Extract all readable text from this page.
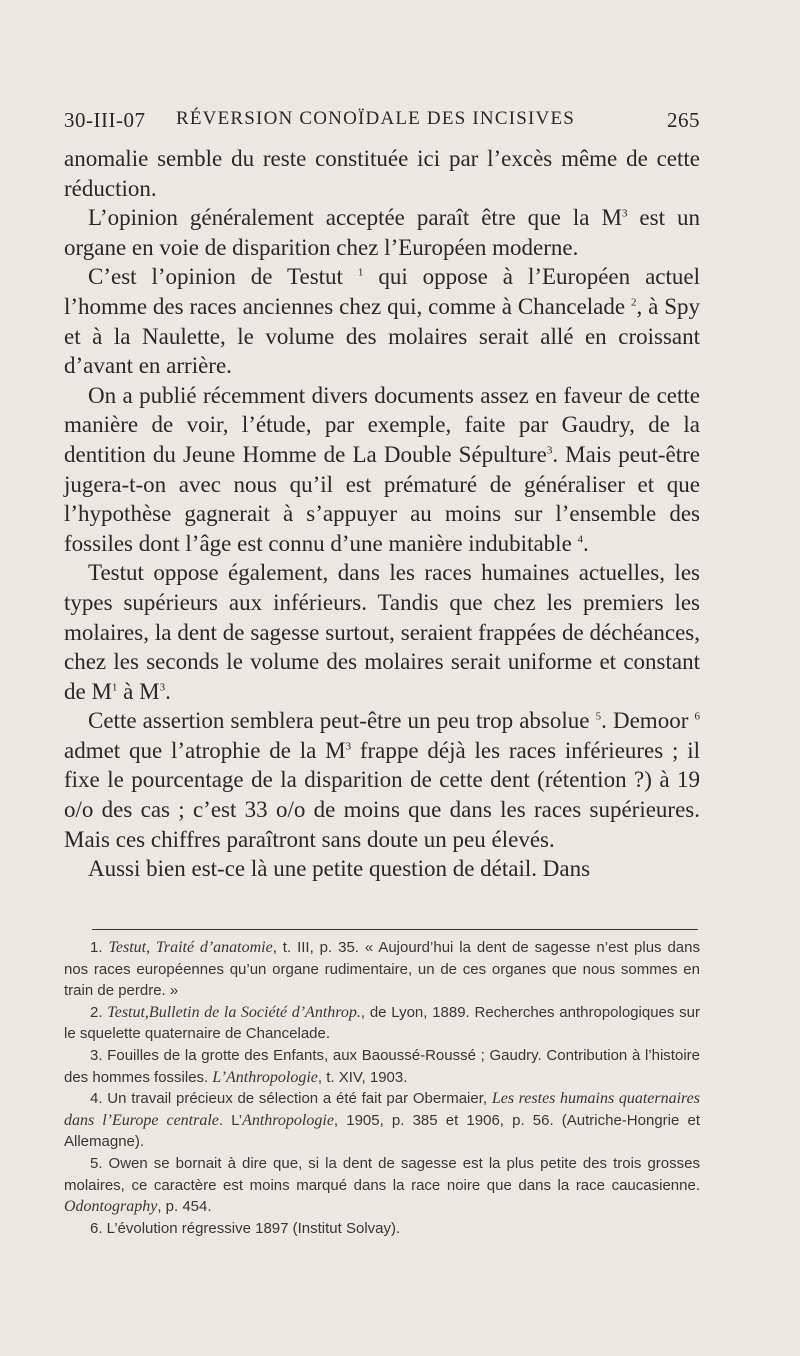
30-III-07 RÉVERSION CONOÏDALE DES INCISIVES	265

anomalie semble du reste constituée ici par l’excès même de cette réduction.

L’opinion généralement acceptée paraît être que la $M^3$ est un organe en voie de disparition chez l’Européen moderne.

C’est l’opinion de Testut $^1$ qui oppose à l’Européen actuel l’homme des races anciennes chez qui, comme à Chancelade $^2$, à Spy et à la Naulette, le volume des molaires serait allé en croissant d’avant en arrière.

On a publié récemment divers documents assez en faveur de cette manière de voir, l’étude, par exemple, faite par Gaudry, de la dentition du Jeune Homme de La Double Sépulture$^3$. Mais peut-être jugera-t-on avec nous qu’il est prématuré de généraliser et que l’hypothèse gagnerait à s’appuyer au moins sur l’ensemble des fossiles dont l’âge est connu d’une manière indubitable $^4$.

Testut oppose également, dans les races humaines actuelles, les types supérieurs aux inférieurs. Tandis que chez les premiers les molaires, la dent de sagesse surtout, seraient frappées de déchéances, chez les seconds le volume des molaires serait uniforme et constant de $M^1$ à $M^3$.

Cette assertion semblera peut-être un peu trop absolue $^5$. Demoor $^6$ admet que l’atrophie de la $M^3$ frappe déjà les races inférieures ; il fixe le pourcentage de la disparition de cette dent (rétention ?) à 19 o/o des cas ; c’est 33 o/o de moins que dans les races supérieures. Mais ces chiffres paraîtront sans doute un peu élevés.

Aussi bien est-ce là une petite question de détail. Dans

1. Testut, Traité d’anatomie, t. III, p. 35. « Aujourd’hui la dent de sagesse n’est plus dans nos races européennes qu’un organe rudimentaire, un de ces organes que nous sommes en train de perdre. »

2. Testut,Bulletin de la Société d’Anthrop., de Lyon, 1889. Recherches anthropologiques sur le squelette quaternaire de Chancelade.

3. Fouilles de la grotte des Enfants, aux Baoussé-Roussé ; Gaudry. Contribution à l’histoire des hommes fossiles. L’Anthropologie, t. XIV, 1903.

4. Un travail précieux de sélection a été fait par Obermaier, Les restes humains quaternaires dans l’Europe centrale. L’Anthropologie, 1905, p. 385 et 1906, p. 56. (Autriche-Hongrie et Allemagne).

5. Owen se bornait à dire que, si la dent de sagesse est la plus petite des trois grosses molaires, ce caractère est moins marqué dans la race noire que dans la race caucasienne. Odontography, p. 454.

6. L’évolution régressive 1897 (Institut Solvay).
